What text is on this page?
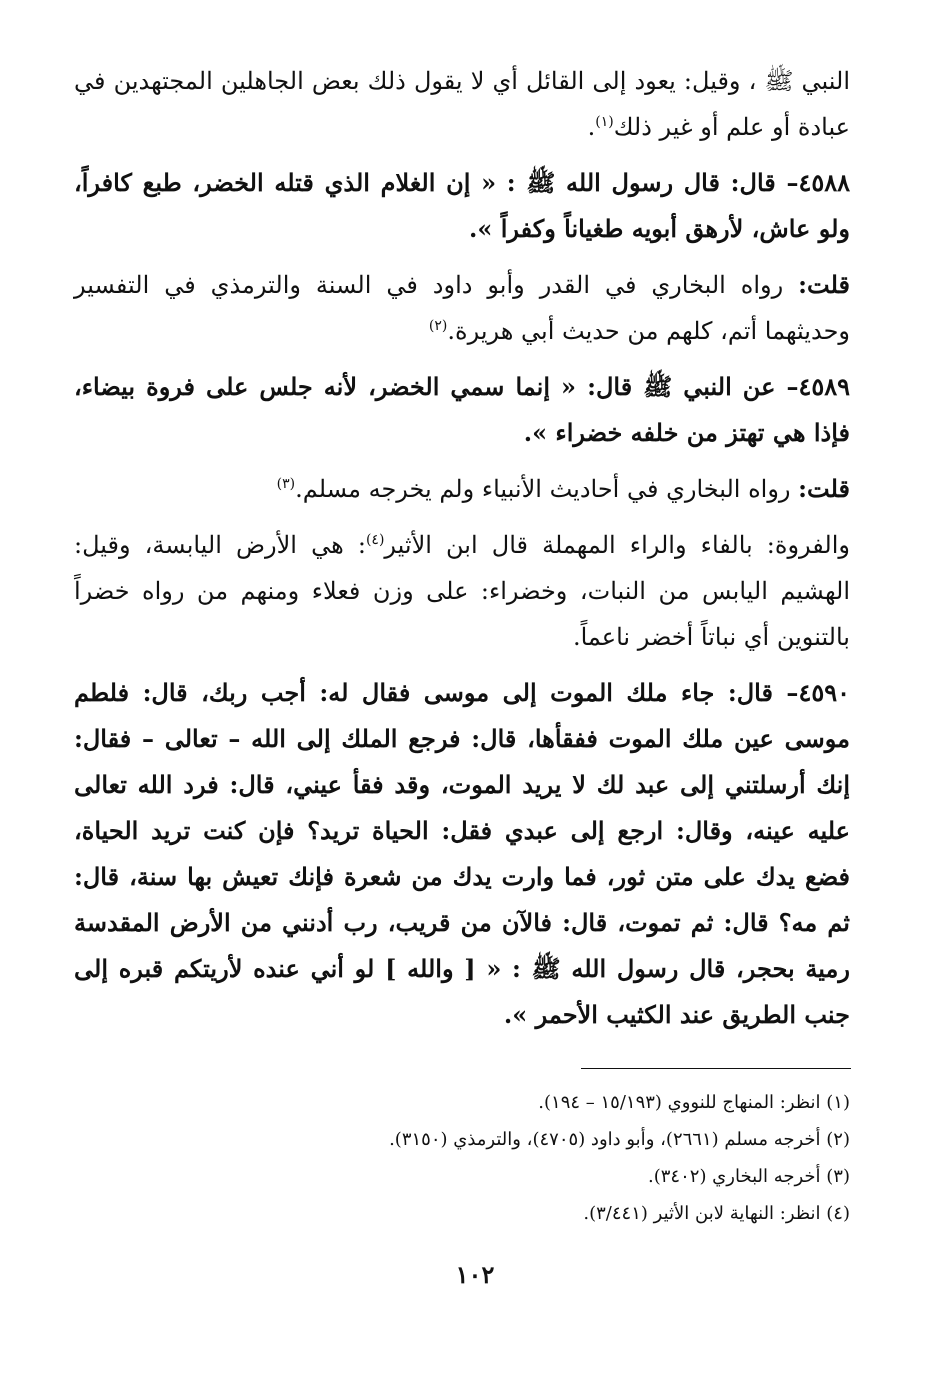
النبي ﷺ ، وقيل: يعود إلى القائل أي لا يقول ذلك بعض الجاهلين المجتهدين في عبادة أو علم أو غير ذلك$^{(١)}$.

٤٥٨٨– قال: قال رسول الله ﷺ : « إن الغلام الذي قتله الخضر، طبع كافراً، ولو عاش، لأرهق أبويه طغياناً وكفراً ».

قلت: رواه البخاري في القدر وأبو داود في السنة والترمذي في التفسير وحديثهما أتم، كلهم من حديث أبي هريرة.$^{(٢)}$

٤٥٨٩– عن النبي ﷺ قال: « إنما سمي الخضر، لأنه جلس على فروة بيضاء، فإذا هي تهتز من خلفه خضراء ».

قلت: رواه البخاري في أحاديث الأنبياء ولم يخرجه مسلم.$^{(٣)}$

والفروة: بالفاء والراء المهملة قال ابن الأثير$^{(٤)}$: هي الأرض اليابسة، وقيل: الهشيم اليابس من النبات، وخضراء: على وزن فعلاء ومنهم من رواه خضراً بالتنوين أي نباتاً أخضر ناعماً.

٤٥٩٠– قال: جاء ملك الموت إلى موسى فقال له: أجب ربك، قال: فلطم موسى عين ملك الموت ففقأها، قال: فرجع الملك إلى الله – تعالى – فقال: إنك أرسلتني إلى عبد لك لا يريد الموت، وقد فقأ عيني، قال: فرد الله تعالى عليه عينه، وقال: ارجع إلى عبدي فقل: الحياة تريد؟ فإن كنت تريد الحياة، فضع يدك على متن ثور، فما وارت يدك من شعرة فإنك تعيش بها سنة، قال: ثم مه؟ قال: ثم تموت، قال: فالآن من قريب، رب أدنني من الأرض المقدسة رمية بحجر، قال رسول الله ﷺ : « [ والله ] لو أني عنده لأريتكم قبره إلى جنب الطريق عند الكثيب الأحمر ».

(١) انظر: المنهاج للنووي (١٥/١٩٣ – ١٩٤).

(٢) أخرجه مسلم (٢٦٦١)، وأبو داود (٤٧٠٥)، والترمذي (٣١٥٠).

(٣) أخرجه البخاري (٣٤٠٢).

(٤) انظر: النهاية لابن الأثير (٣/٤٤١).

١٠٢
